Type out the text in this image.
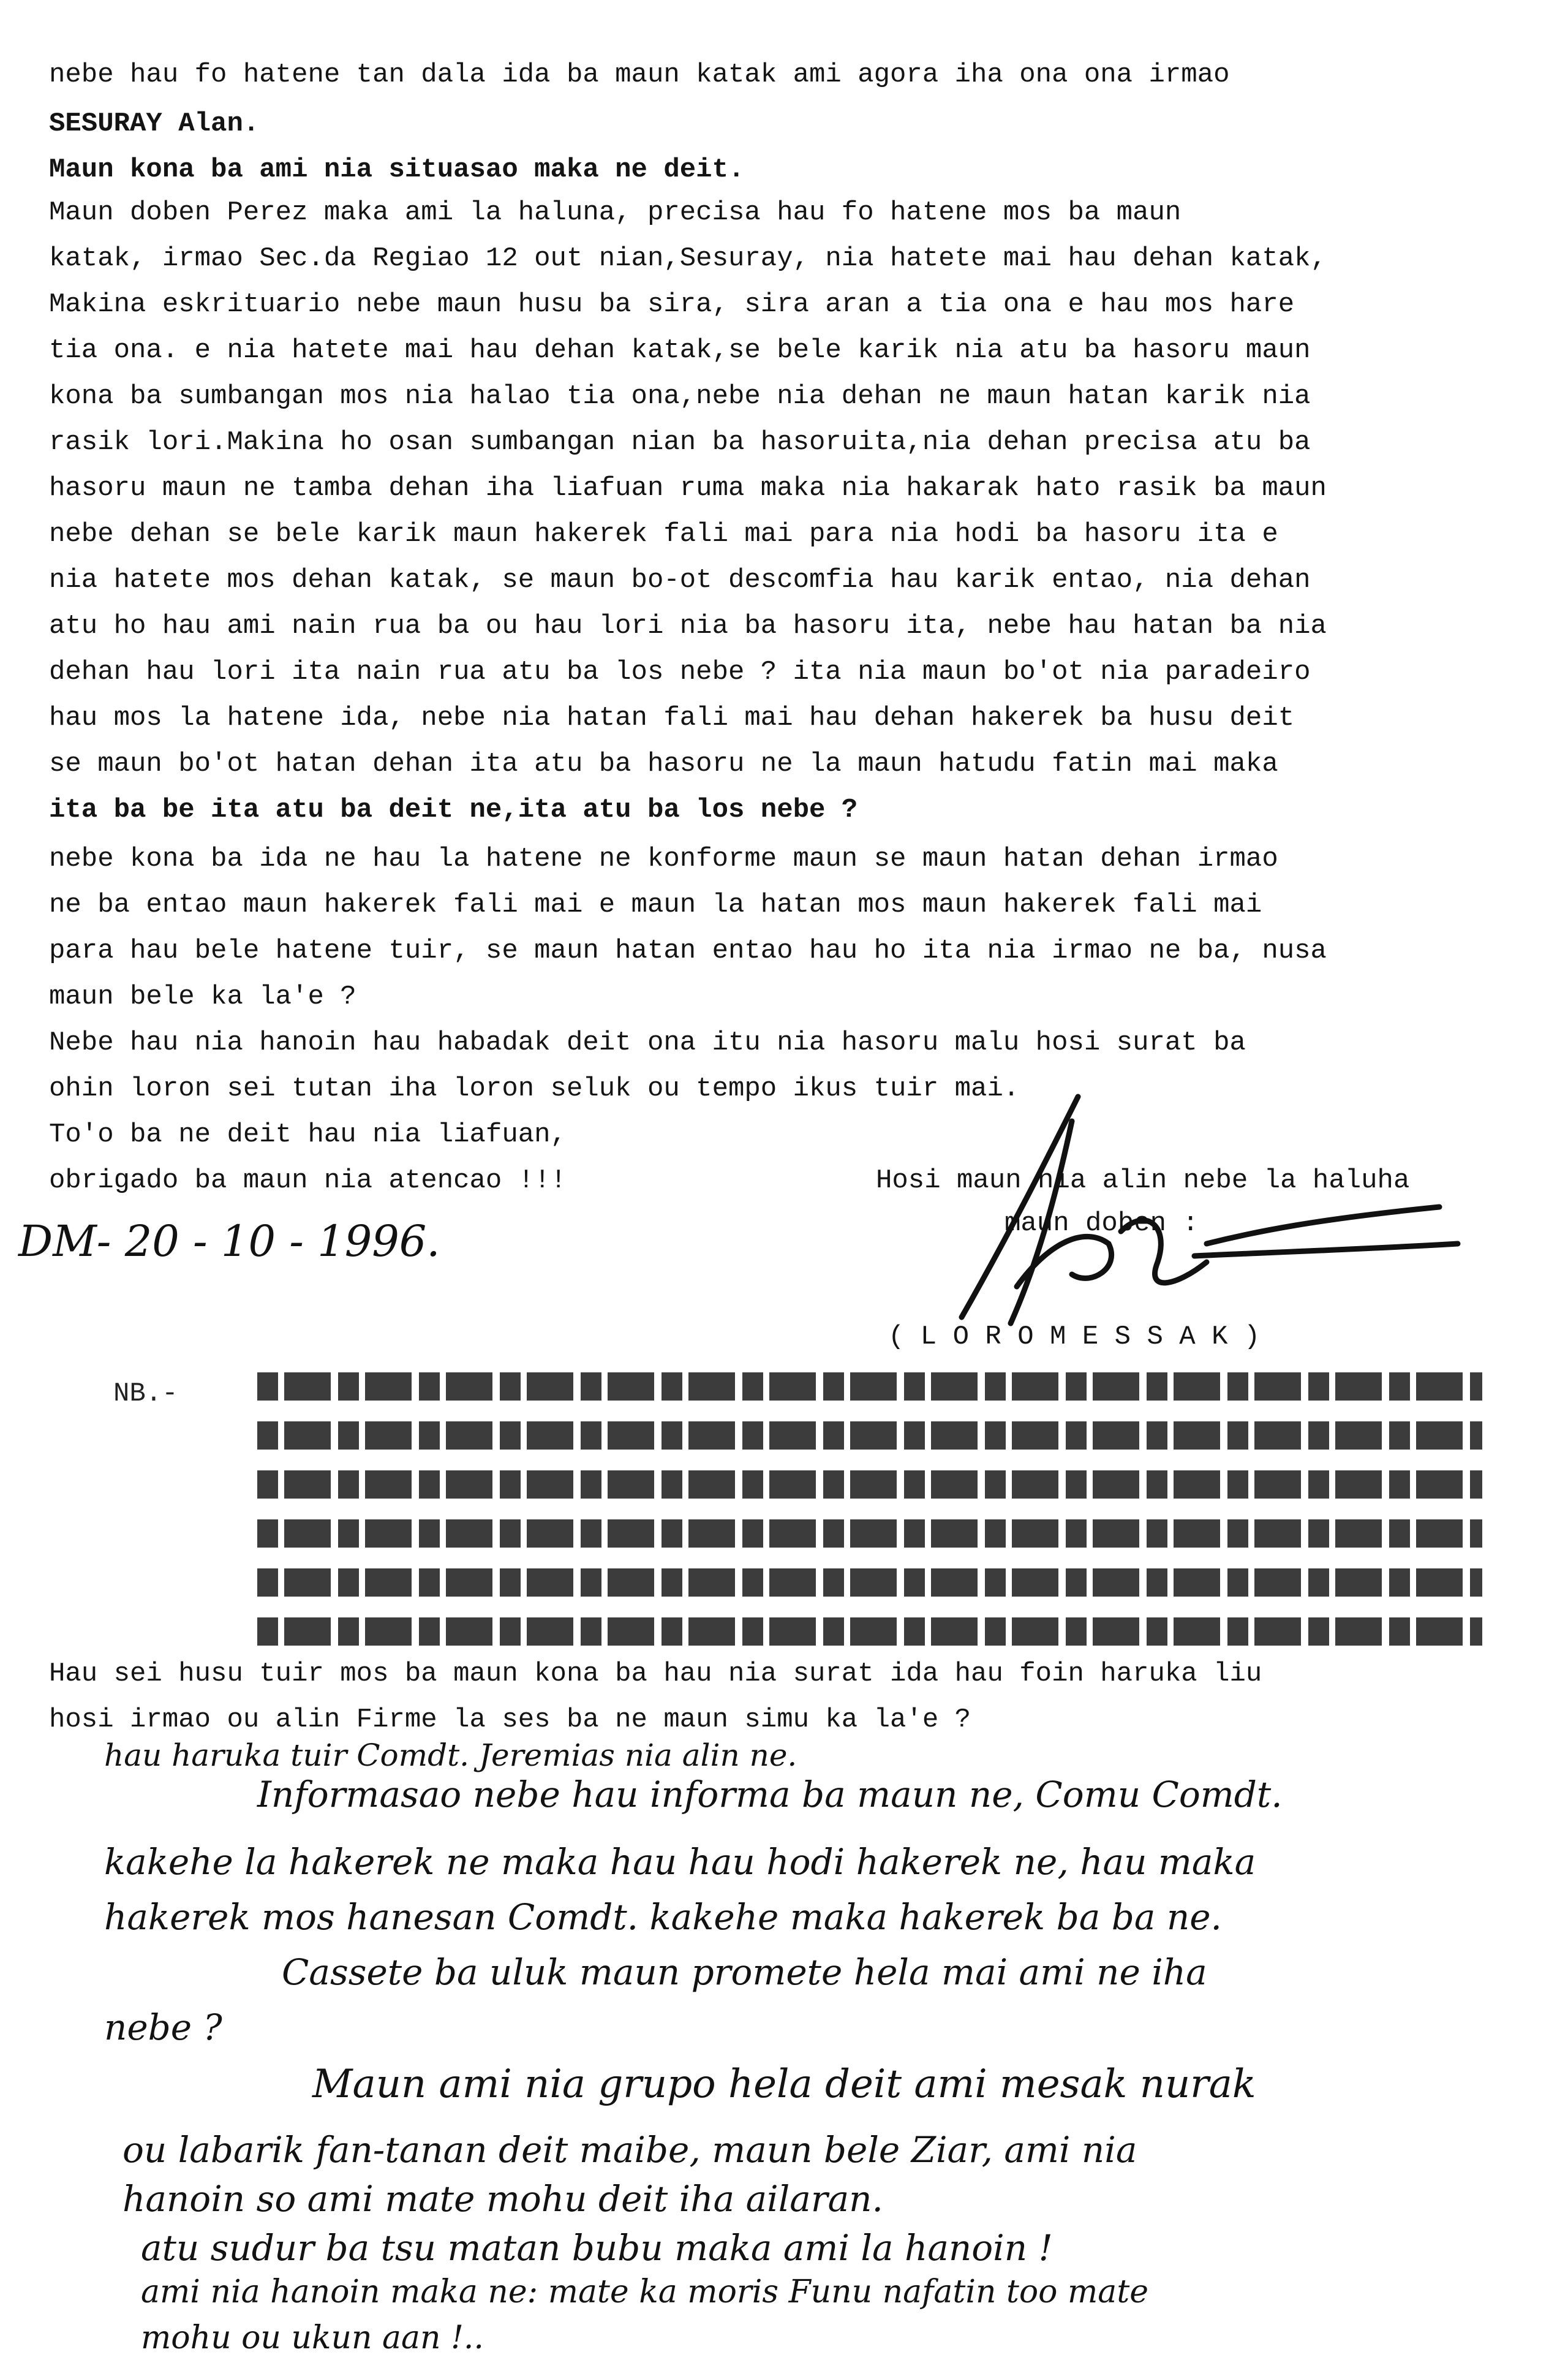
nebe hau fo hatene tan dala ida ba maun katak ami agora iha ona ona irmao
SESURAY Alan.
Maun kona ba ami nia situasao maka ne deit.
Maun doben Perez maka ami la haluna, precisa hau fo hatene mos ba maun
katak, irmao Sec.da Regiao 12 out nian,Sesuray, nia hatete mai hau dehan katak,
Makina eskrituario nebe maun husu ba sira, sira aran a tia ona e hau mos hare
tia ona. e nia hatete mai hau dehan katak,se bele karik nia atu ba hasoru maun
kona ba sumbangan mos nia halao tia ona,nebe nia dehan ne maun hatan karik nia
rasik lori.Makina ho osan sumbangan nian ba hasoruita,nia dehan precisa atu ba
hasoru maun ne tamba dehan iha liafuan ruma maka nia hakarak hato rasik ba maun
nebe dehan se bele karik maun hakerek fali mai para nia hodi ba hasoru ita e
nia hatete mos dehan katak, se maun bo-ot descomfia hau karik entao, nia dehan
atu ho hau ami nain rua ba ou hau lori nia ba hasoru ita, nebe hau hatan ba nia
dehan hau lori ita nain rua atu ba los nebe ? ita nia maun bo'ot nia paradeiro
hau mos la hatene ida, nebe nia hatan fali mai hau dehan hakerek ba husu deit
se maun bo'ot hatan dehan ita atu ba hasoru ne la maun hatudu fatin mai maka
ita ba be ita atu ba deit ne,ita atu ba los nebe ?
nebe kona ba ida ne hau la hatene ne konforme maun se maun hatan dehan irmao
ne ba entao maun hakerek fali mai e maun la hatan mos maun hakerek fali mai
para hau bele hatene tuir, se maun hatan entao hau ho ita nia irmao ne ba, nusa
maun bele ka la'e ?
Nebe hau nia hanoin hau habadak deit ona itu nia hasoru malu hosi surat ba
ohin loron sei tutan iha loron seluk ou tempo ikus tuir mai.
To'o ba ne deit hau nia liafuan,
obrigado ba maun nia atencao !!!	Hosi maun nia alin nebe la haluha
maun doben :
DM- 20 - 10 - 1996.
( L O R O M E S S A K )
NB.-
Hau sei husu tuir mos ba maun kona ba hau nia surat ida hau foin haruka liu
hosi irmao ou alin Firme la ses ba ne maun simu ka la'e ?
hau haruka tuir Comdt. Jeremias nia alin ne.
Informasao nebe hau informa ba maun ne, Comu Comdt.
kakehe la hakerek ne maka hau hau hodi hakerek ne, hau maka
hakerek mos hanesan Comdt. kakehe maka hakerek ba ba ne.
Cassete ba uluk maun promete hela mai ami ne iha
nebe ?
Maun ami nia grupo hela deit ami mesak nurak
ou labarik fan-tanan deit maibe, maun bele Ziar, ami nia
hanoin so ami mate mohu deit iha ailaran.
atu sudur ba tsu matan bubu maka ami la hanoin !
ami nia hanoin maka ne: mate ka moris Funu nafatin too mate
mohu ou ukun aan !..
